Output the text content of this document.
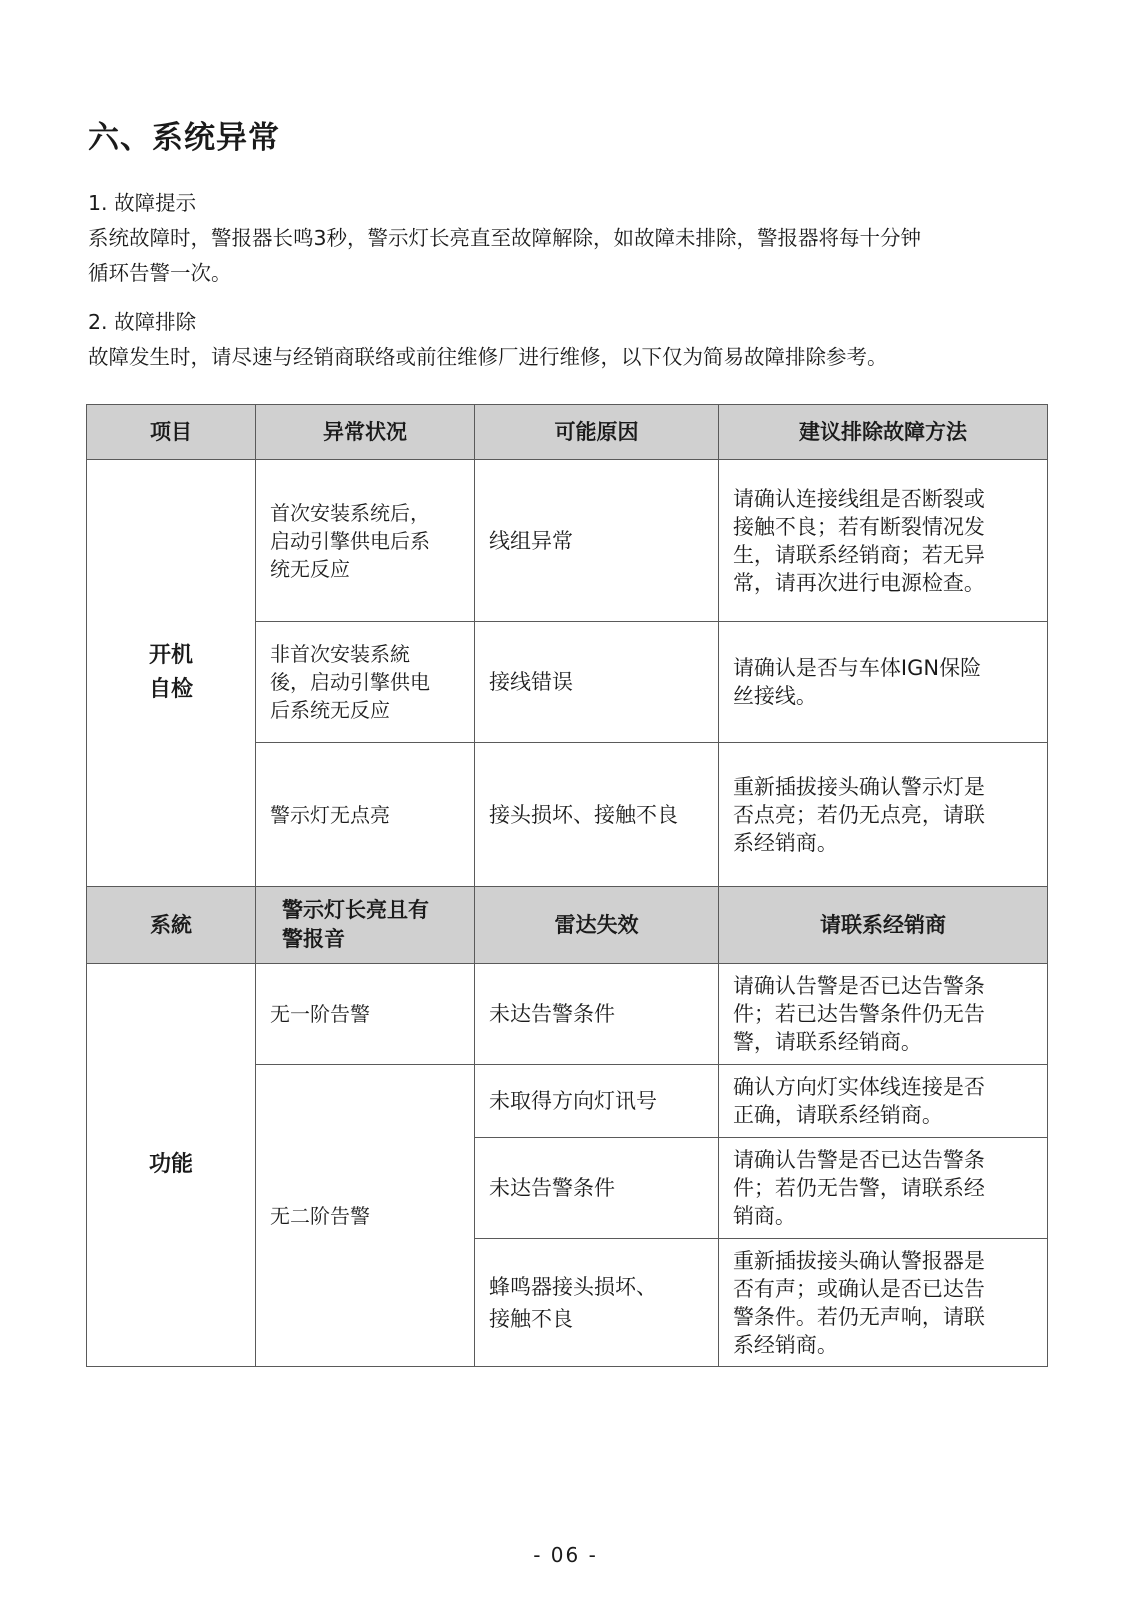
六、系统异常

1. 故障提示

系统故障时，警报器长鸣3秒，警示灯长亮直至故障解除，如故障未排除，警报器将每十分钟
循环告警一次。

2. 故障排除

故障发生时，请尽速与经销商联络或前往维修厂进行维修，以下仅为简易故障排除参考。

项目	异常状况	可能原因	建议排除故障方法

开机
自检	首次安装系统后，
启动引擎供电后系
统无反应	线组异常	请确认连接线组是否断裂或
接触不良；若有断裂情况发
生，请联系经销商；若无异
常，请再次进行电源检查。

	非首次安装系統
後，启动引擎供电
后系统无反应	接线错误	请确认是否与车体IGN保险
丝接线。

	警示灯无点亮	接头损坏、接触不良	重新插拔接头确认警示灯是
否点亮；若仍无点亮，请联
系经销商。

系統	警示灯长亮且有
警报音	雷达失效	请联系经销商
功能	无一阶告警	未达告警条件	请确认告警是否已达告警条
件；若已达告警条件仍无告
警，请联系经销商。

	无二阶告警	未取得方向灯讯号	确认方向灯实体线连接是否
正确，请联系经销商。

		未达告警条件	请确认告警是否已达告警条
件；若仍无告警，请联系经
销商。

		蜂鸣器接头损坏、
接触不良	重新插拔接头确认警报器是
否有声；或确认是否已达告
警条件。若仍无声响，请联
系经销商。
- 06 -
